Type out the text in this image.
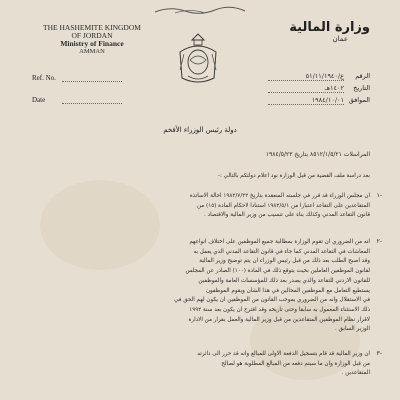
THE HASHEMITE KINGDOM
OF JORDAN
Ministry of Finance
AMMAN
Ref. No.
Date
وزارة المالية
عمان
الرقمع/٥١/١١/١٩٤٠
التاريخ١٤٠٢هـ
الموافق١٩٨٤/١٠/٠١
دولة رئيس الوزراء الأفخم
المراسلات ٨٥١٢/١/٥/٢١ بتاريخ ١٩٨٤/٥/٢٣
بعد دراسة ملف القضية من قبل الوزارة نود اعلام دولتكم بالتالي :-
١-
ان مجلس الوزراء قد قرر في جلسته المنعقدة بتاريخ ١٩٨٢/٧/٢٢ احالة الاساتذة
المتقاعدين على التقاعد اعتبارا من ١٩٨٢/٥/١ استنادا لاحكام المادة (١٥) من
قانون التقاعد المدني وكذلك بناء على تنسيب من وزير المالية والاقتصاد .
٢-
انه من الضروري ان تقوم الوزارة بمطالبة جميع الموظفين على اختلاف انواعهم
المعاشات في التقاعد المدني كما جاء في قانون التقاعد المدني الذي يعمل به
وقد اصبح الطلب بعد ذلك من قبل رئيس الوزراء ان يتم توضيح وزير المالية
لقانون الموظفين العاملين بحيث يتوقع ذلك في المادة (١٠٠) الصادر عن المجلس
للقانون الاردني للتقاعد والذي يصدر بعد ذلك للمؤسسات العامة والموظفين
يستطيع التعامل مع الموظفين المحالين في هذا الشأن ويقوم الموظفون
في الاستقلال وانه من الضروري بموجب القانون من الموظفين ان يكون لهم الحق في
ذلك الاستثناء المعمول به سابقا وحتى تاريخه وقد اقترح ان يكون بعد سنة ١٩٩٢
لاقرار نظام الموظفين المتقاعدين من قبل وزير المالية والعمل بقرار من الادارة
الوزير السابق .
٣-
ان وزير المالية قد قام بتسجيل الدفعة الاولى للمبالغ وانه قد حرر الى دائرته
من قبل الوزارة وان ما سيتم دفعه من المبالغ المطلوبة هو لصالح
المتقاعدين .
